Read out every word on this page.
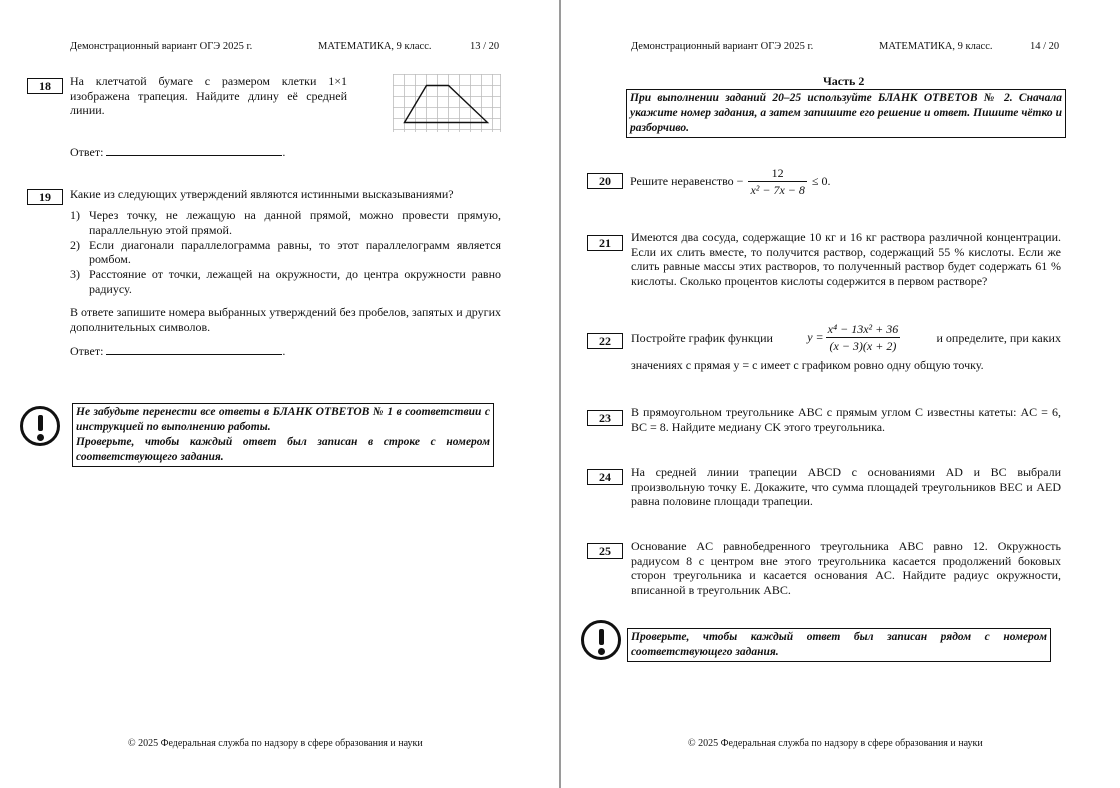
Демонстрационный вариант ОГЭ 2025 г.	МАТЕМАТИКА, 9 класс.	13 / 20
18	На клетчатой бумаге с размером клетки 1×1 изображена трапеция. Найдите длину её средней линии.
Ответ:	.
19	Какие из следующих утверждений являются истинными высказываниями?
1) Через точку, не лежащую на данной прямой, можно провести прямую, параллельную этой прямой.
2) Если диагонали параллелограмма равны, то этот параллелограмм является ромбом.
3) Расстояние от точки, лежащей на окружности, до центра окружности равно радиусу.
В ответе запишите номера выбранных утверждений без пробелов, запятых и других дополнительных символов.
Ответ:	.
Не забудьте перенести все ответы в БЛАНК ОТВЕТОВ № 1 в соответствии с инструкцией по выполнению работы.
Проверьте, чтобы каждый ответ был записан в строке с номером соответствующего задания.
© 2025 Федеральная служба по надзору в сфере образования и науки
Демонстрационный вариант ОГЭ 2025 г.	МАТЕМАТИКА, 9 класс.	14 / 20
Часть 2
При выполнении заданий 20–25 используйте БЛАНК ОТВЕТОВ № 2. Сначала укажите номер задания, а затем запишите его решение и ответ. Пишите чётко и разборчиво.
20	Решите неравенство − $\frac{12}{\text{x² − 7x − 8}} \le 0$.
21	Имеются два сосуда, содержащие 10 кг и 16 кг раствора различной концентрации. Если их слить вместе, то получится раствор, содержащий 55 % кислоты. Если же слить равные массы этих растворов, то полученный раствор будет содержать 61 % кислоты. Сколько процентов кислоты содержится в первом растворе?
22	Постройте график функции	$y = \frac{\text{x⁴ − 13x² + 36}}{(x - 3)(x + 2)}$	и определите, при каких
значениях c прямая y = c имеет с графиком ровно одну общую точку.
23	В прямоугольном треугольнике ABC с прямым углом C известны катеты: AC = 6, BC = 8. Найдите медиану CK этого треугольника.
24	На средней линии трапеции ABCD с основаниями AD и BC выбрали произвольную точку E. Докажите, что сумма площадей треугольников BEC и AED равна половине площади трапеции.
25	Основание AC равнобедренного треугольника ABC равно 12. Окружность радиусом 8 с центром вне этого треугольника касается продолжений боковых сторон треугольника и касается основания AC. Найдите радиус окружности, вписанной в треугольник ABC.
Проверьте, чтобы каждый ответ был записан рядом с номером соответствующего задания.
© 2025 Федеральная служба по надзору в сфере образования и науки
